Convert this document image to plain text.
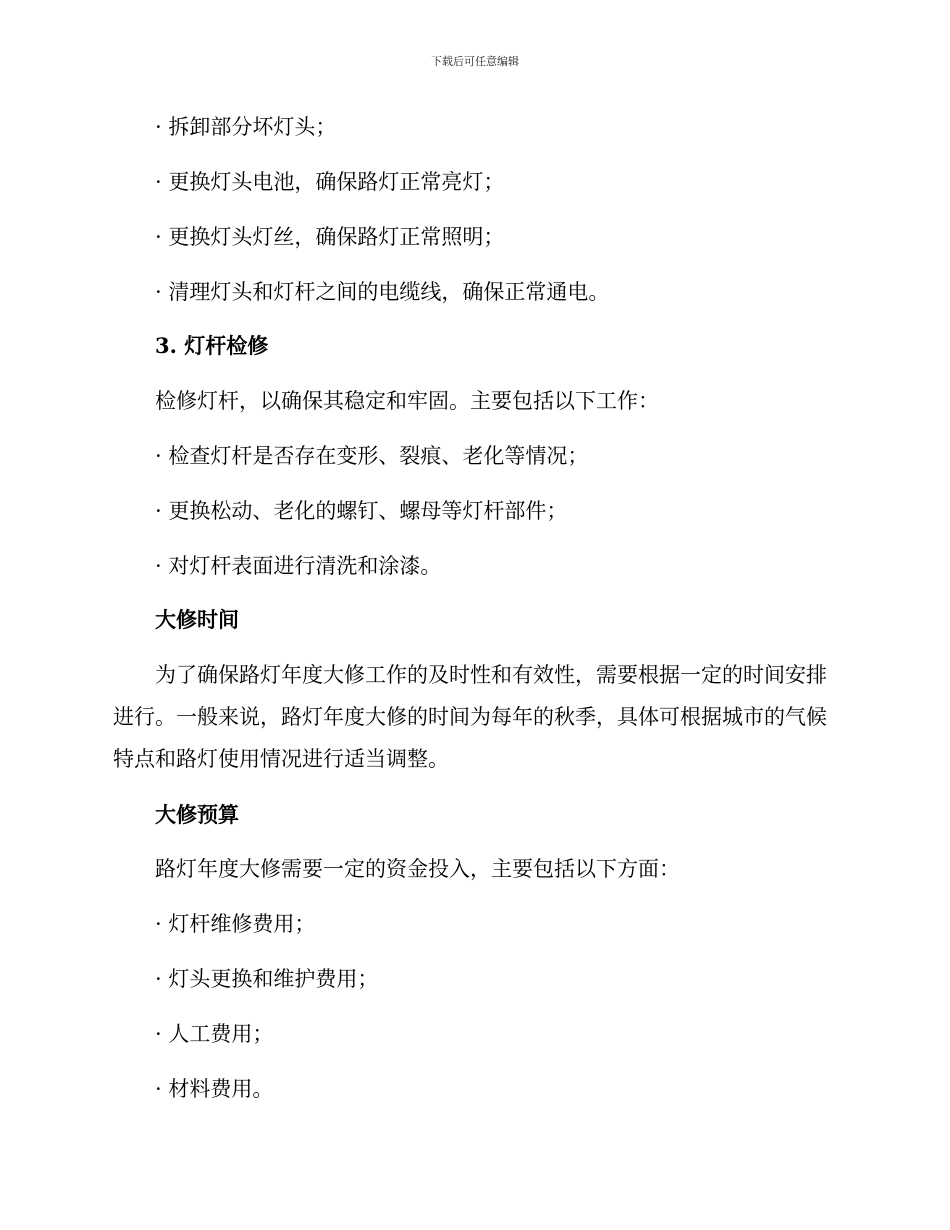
下载后可任意编辑
· 拆卸部分坏灯头；
· 更换灯头电池，确保路灯正常亮灯；
· 更换灯头灯丝，确保路灯正常照明；
· 清理灯头和灯杆之间的电缆线，确保正常通电。
3. 灯杆检修
检修灯杆，以确保其稳定和牢固。主要包括以下工作：
· 检查灯杆是否存在变形、裂痕、老化等情况；
· 更换松动、老化的螺钉、螺母等灯杆部件；
· 对灯杆表面进行清洗和涂漆。
大修时间
为了确保路灯年度大修工作的及时性和有效性，需要根据一定的时间安排进行。一般来说，路灯年度大修的时间为每年的秋季，具体可根据城市的气候特点和路灯使用情况进行适当调整。
大修预算
路灯年度大修需要一定的资金投入，主要包括以下方面：
· 灯杆维修费用；
· 灯头更换和维护费用；
· 人工费用；
· 材料费用。
